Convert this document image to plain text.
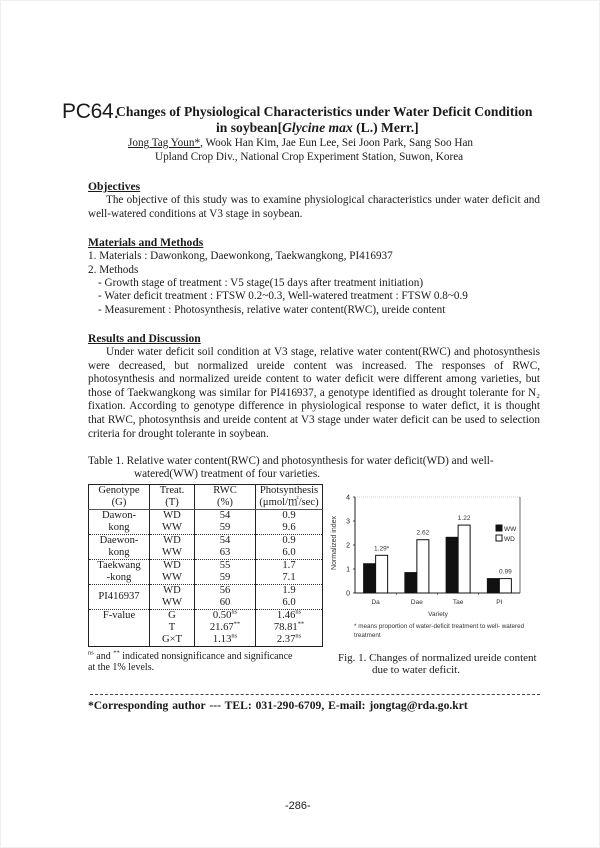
PC64.
Changes of Physiological Characteristics under Water Deficit Condition
in soybean[Glycine max (L.) Merr.]
Jong Tag Youn*, Wook Han Kim, Jae Eun Lee, Sei Joon Park, Sang Soo Han
Upland Crop Div., National Crop Experiment Station, Suwon, Korea
Objectives

The objective of this study was to examine physiological characteristics under water deficit and well-watered conditions at V3 stage in soybean.

Materials and Methods
1. Materials : Dawonkong, Daewonkong, Taekwangkong, PI416937
2. Methods
- Growth stage of treatment : V5 stage(15 days after treatment initiation)
- Water deficit treatment : FTSW 0.2~0.3, Well-watered treatment : FTSW 0.8~0.9
- Measurement : Photosynthesis, relative water content(RWC), ureide content
Results and Discussion

Under water deficit soil condition at V3 stage, relative water content(RWC) and photosynthesis were decreased, but normalized ureide content was increased. The responses of RWC, photosynthesis and normalized ureide content to water deficit were different among varieties, but those of Taekwangkong was similar for PI416937, a genotype identified as drought tolerante for N₂ fixation. According to genotype difference in physiological response to water defict, it is thought that RWC, photosynthsis and ureide content at V3 stage under water deficit can be used to selection criteria for drought tolerante in soybean.

Table 1. Relative water content(RWC) and photosynthesis for water deficit(WD) and well-
watered(WW) treatment of four varieties.
Genotype	Treat.	RWC	Photsynthesis
(G)	(T)	(%)	(μmol/㎡/sec)
Dawon-
kong	WD	54	0.9
	WW	59	9.6
Daewon-
kong	WD	54	0.9
	WW	63	6.0
Taekwang
-kong	WD	55	1.7
	WW	59	7.1
PI416937	WD	56	1.9
	WW	60	6.0
F-value	G	$0.50^{ns}$	$1.46^{ns}$
	T	21.67**	78.81**
	G×T	$1.13^{ns}$	$2.37^{ns}$
$^{ns}$ and ** indicated nonsignificance and significance
at the 1% levels.
0
1
2
3
4
Normalized index	1.29*
2.62
1.22
0.99
Da	Dae	Tae	PI
Variety
WW
WD
* means proportion of water-deficit treatment to well- watered treatment
Fig. 1. Changes of normalized ureide content
due to water deficit.
*Corresponding author --- TEL: 031-290-6709, E-mail: jongtag@rda.go.krt
-286-
